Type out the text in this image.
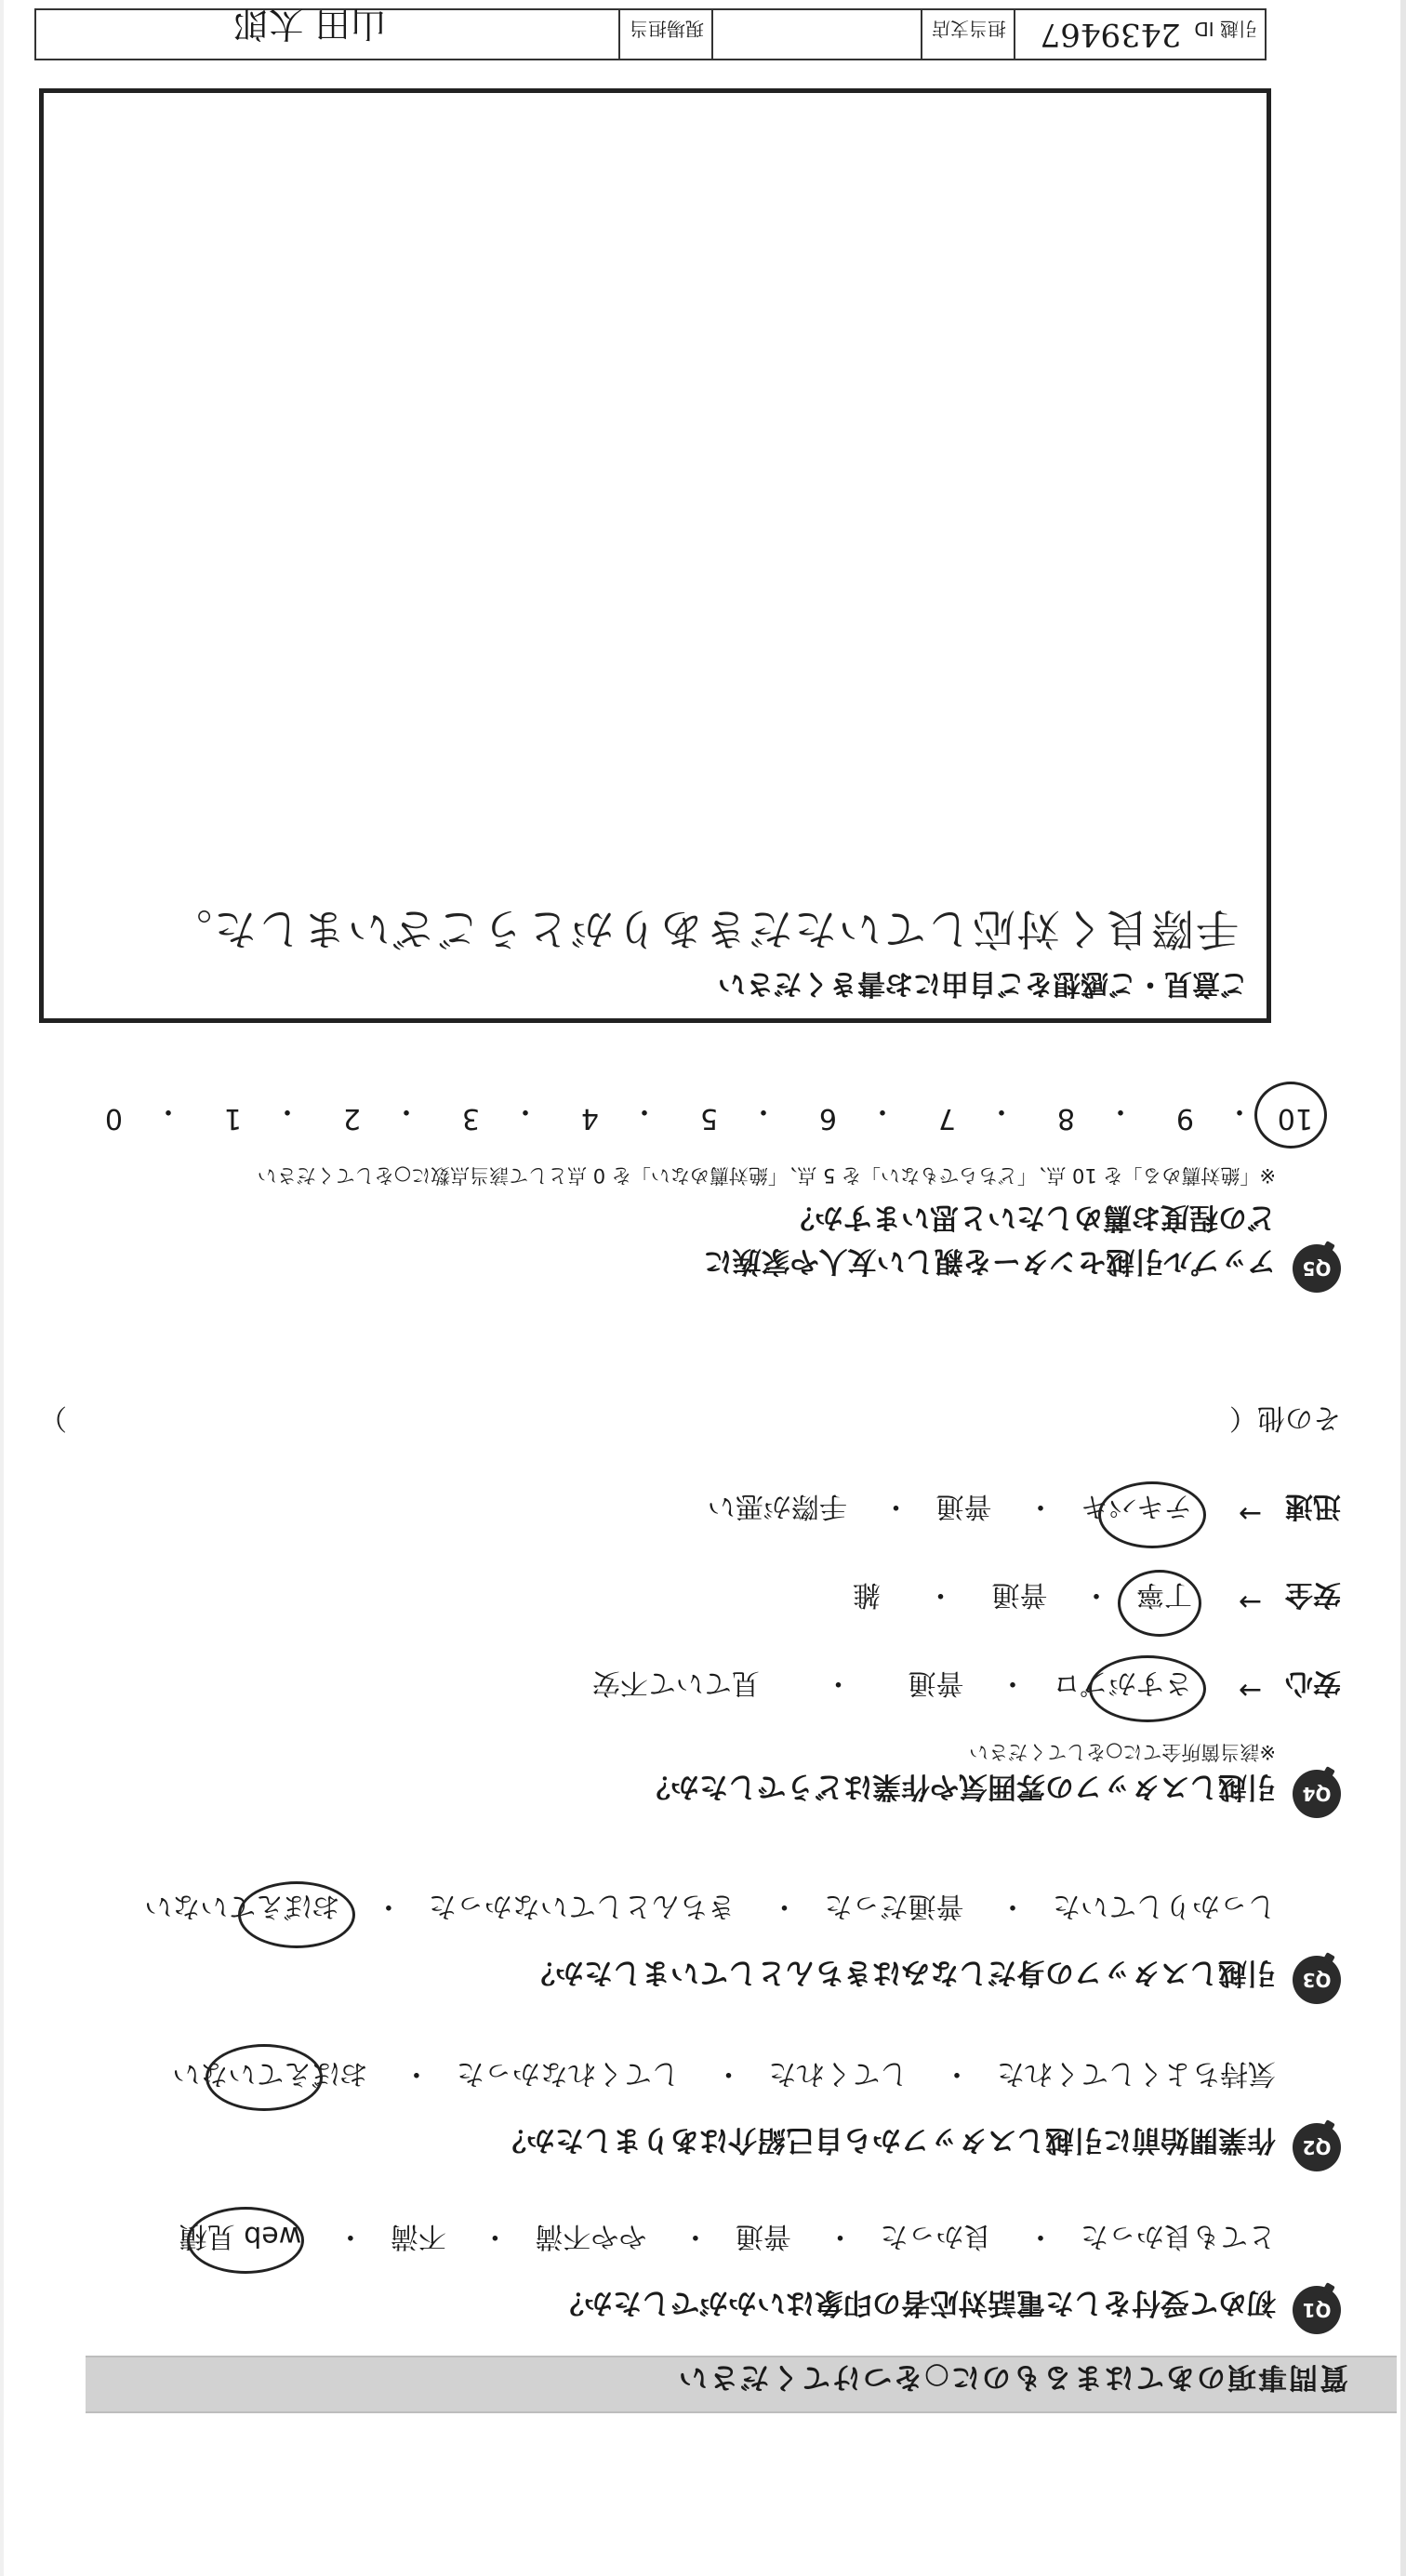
質問事項のあてはまるものに○をつけてください
Q1
初めて受付をした電話対応者の印象はいかがでしたか？
とても良かった・ 良かった・ 普通・ やや不満・ 不満・ web 見積
Q2
作業開始前に引越しスタッフから自己紹介はありましたか？
気持ちよくしてくれた・ してくれた・ してくれなかった・ おぼえていない
Q3
引越しスタッフの身だしなみはきちんとしていましたか？
しっかりしていた・ 普通だった・ きちんとしていなかった・ おぼえていない
Q4
引越しスタッフの雰囲気や作業はどうでしたか？
※該当箇所全てに○をしてください
安心
→
さすがプロ・ 普通・ 見ていて不安
安全
→
丁寧・ 普通・ 雑
迅速
→
テキパキ・ 普通・ 手際が悪い
その他（
）
Q5
アップル引越センターを親しい友人や家族に
どの程度お薦めしたいと思いますか？
※「絶対薦める」を 10 点、「どちらでもない」を 5 点、「絶対薦めない」を 0 点として該当点数に○をしてください
10
・
9
・
8
・
7
・
6
・
5
・
4
・
3
・
2
・
1
・
0
ご意見・ご感想をご自由にお書きください
手際良く対応していただきありがとうございました。
引越 ID
2439467
担当支店
現場担当
山田 太郎
